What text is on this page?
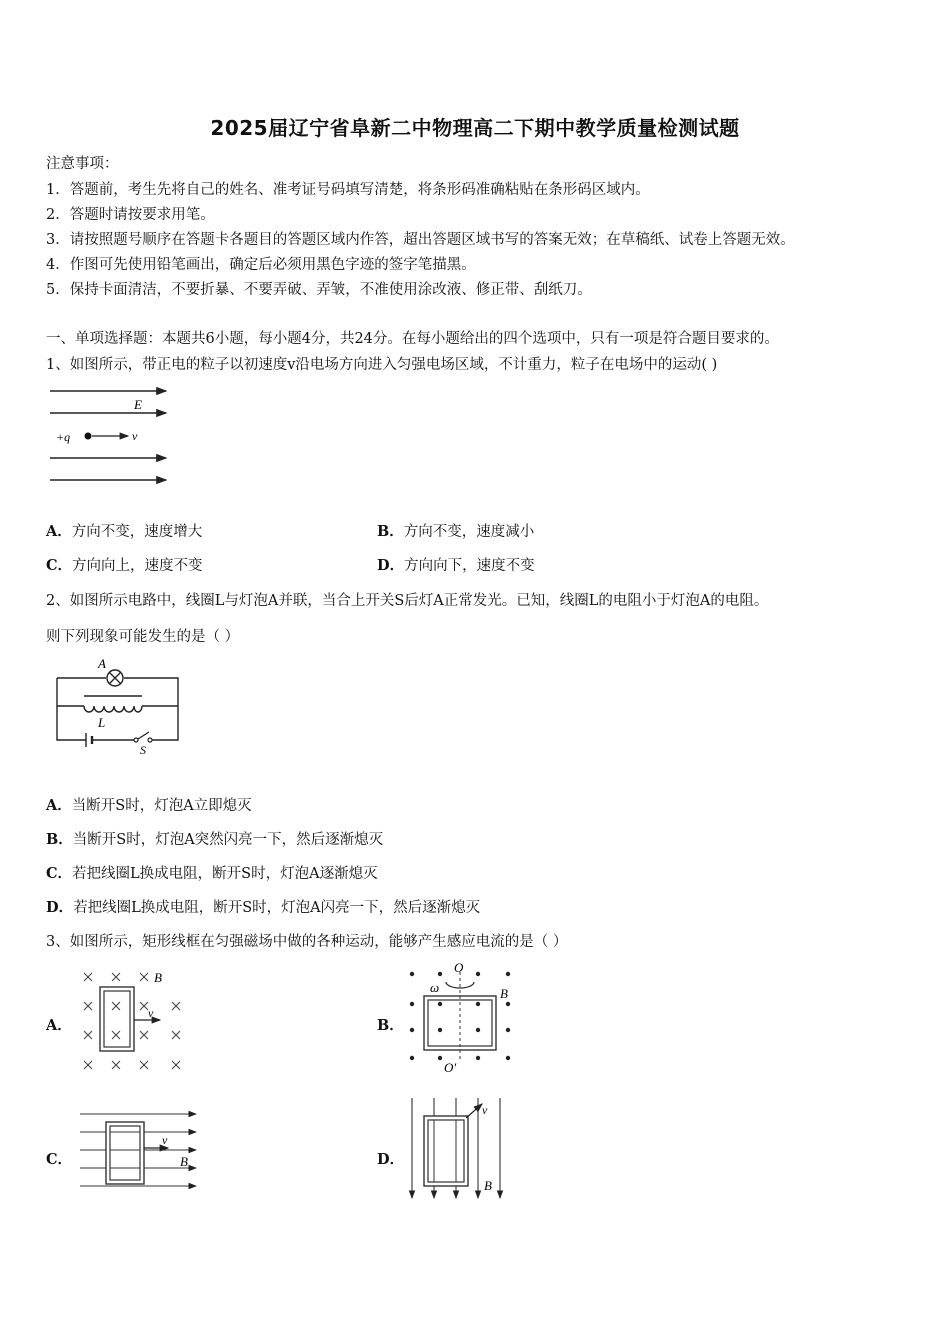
2025届辽宁省阜新二中物理高二下期中教学质量检测试题
注意事项：
1．答题前，考生先将自己的姓名、准考证号码填写清楚，将条形码准确粘贴在条形码区域内。
2．答题时请按要求用笔。
3．请按照题号顺序在答题卡各题目的答题区域内作答，超出答题区域书写的答案无效；在草稿纸、试卷上答题无效。
4．作图可先使用铅笔画出，确定后必须用黑色字迹的签字笔描黑。
5．保持卡面清洁，不要折暴、不要弄破、弄皱，不准使用涂改液、修正带、刮纸刀。
一、单项选择题：本题共6小题，每小题4分，共24分。在每小题给出的四个选项中，只有一项是符合题目要求的。
1、如图所示，带正电的粒子以初速度v沿电场方向进入匀强电场区域，不计重力，粒子在电场中的运动( )
E
+q	v
A．方向不变，速度增大	B．方向不变，速度减小
C．方向向上，速度不变	D．方向向下，速度不变
2、如图所示电路中，线圈L与灯泡A并联，当合上开关S后灯A正常发光。已知，线圈L的电阻小于灯泡A的电阻。
则下列现象可能发生的是（ ）
A
L
S
A．当断开S时，灯泡A立即熄灭
B．当断开S时，灯泡A突然闪亮一下，然后逐渐熄灭
C．若把线圈L换成电阻，断开S时，灯泡A逐渐熄灭
D．若把线圈L换成电阻，断开S时，灯泡A闪亮一下，然后逐渐熄灭
3、如图所示，矩形线框在匀强磁场中做的各种运动，能够产生感应电流的是（ ）
A．
v
B
B．
O
O′
ω	B
C．
v
B	D．
v
B
